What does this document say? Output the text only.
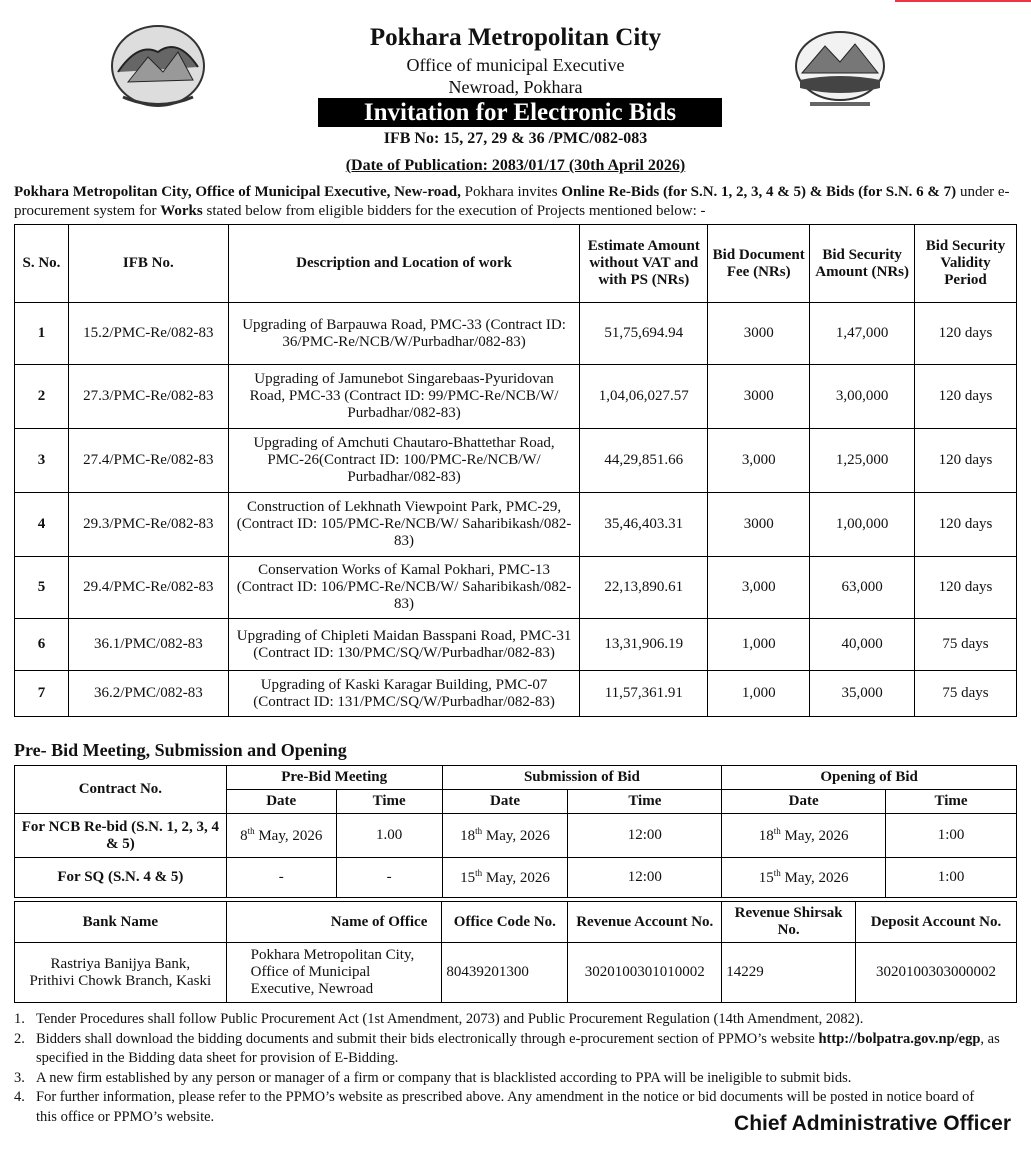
Pokhara Metropolitan City
Office of municipal Executive
Newroad, Pokhara
Invitation for Electronic Bids
IFB No: 15, 27, 29 & 36 /PMC/082-083
(Date of Publication: 2083/01/17 (30th April 2026)
Pokhara Metropolitan City, Office of Municipal Executive, New-road, Pokhara invites Online Re-Bids (for S.N. 1, 2, 3, 4 & 5) & Bids (for S.N. 6 & 7) under e-procurement system for Works stated below from eligible bidders for the execution of Projects mentioned below: -
S. No.	IFB No.	Description and Location of work	Estimate Amount without VAT and with PS (NRs)	Bid Document Fee (NRs)	Bid Security Amount (NRs)	Bid Security Validity Period
1	15.2/PMC-Re/082-83	Upgrading of Barpauwa Road, PMC-33 (Contract ID: 36/PMC-Re/NCB/W/Purbadhar/082-83)	51,75,694.94	3000	1,47,000	120 days
2	27.3/PMC-Re/082-83	Upgrading of Jamunebot Singarebaas-Pyuridovan Road, PMC-33 (Contract ID: 99/PMC-Re/NCB/W/ Purbadhar/082-83)	1,04,06,027.57	3000	3,00,000	120 days
3	27.4/PMC-Re/082-83	Upgrading of Amchuti Chautaro-Bhattethar Road, PMC-26(Contract ID: 100/PMC-Re/NCB/W/ Purbadhar/082-83)	44,29,851.66	3,000	1,25,000	120 days
4	29.3/PMC-Re/082-83	Construction of Lekhnath Viewpoint Park, PMC-29, (Contract ID: 105/PMC-Re/NCB/W/ Saharibikash/082-83)	35,46,403.31	3000	1,00,000	120 days
5	29.4/PMC-Re/082-83	Conservation Works of Kamal Pokhari, PMC-13 (Contract ID: 106/PMC-Re/NCB/W/ Saharibikash/082-83)	22,13,890.61	3,000	63,000	120 days
6	36.1/PMC/082-83	Upgrading of Chipleti Maidan Basspani Road, PMC-31 (Contract ID: 130/PMC/SQ/W/Purbadhar/082-83)	13,31,906.19	1,000	40,000	75 days
7	36.2/PMC/082-83	Upgrading of Kaski Karagar Building, PMC-07 (Contract ID: 131/PMC/SQ/W/Purbadhar/082-83)	11,57,361.91	1,000	35,000	75 days
Pre- Bid Meeting, Submission and Opening
Contract No.	Pre-Bid Meeting		Submission of Bid		Opening of Bid	
	Date	Time	Date	Time	Date	Time
For NCB Re-bid (S.N. 1, 2, 3, 4 & 5)	8th May, 2026	1.00	18th May, 2026	12:00	18th May, 2026	1:00
For SQ (S.N. 4 & 5)	-	-	15th May, 2026	12:00	15th May, 2026	1:00
Bank Name	Name of Office	Office Code No.	Revenue Account No.	Revenue Shirsak No.	Deposit Account No.
Rastriya Banijya Bank, Prithivi Chowk Branch, Kaski	Pokhara Metropolitan City, Office of Municipal Executive, Newroad	80439201300	3020100301010002	14229	3020100303000002
1. Tender Procedures shall follow Public Procurement Act (1st Amendment, 2073) and Public Procurement Regulation (14th Amendment, 2082).
2. Bidders shall download the bidding documents and submit their bids electronically through e-procurement section of PPMO’s website http://bolpatra.gov.np/egp, as specified in the Bidding data sheet for provision of E-Bidding.
3. A new firm established by any person or manager of a firm or company that is blacklisted according to PPA will be ineligible to submit bids.
4. For further information, please refer to the PPMO’s website as prescribed above. Any amendment in the notice or bid documents will be posted in notice board of this office or PPMO’s website.	Chief Administrative Officer
